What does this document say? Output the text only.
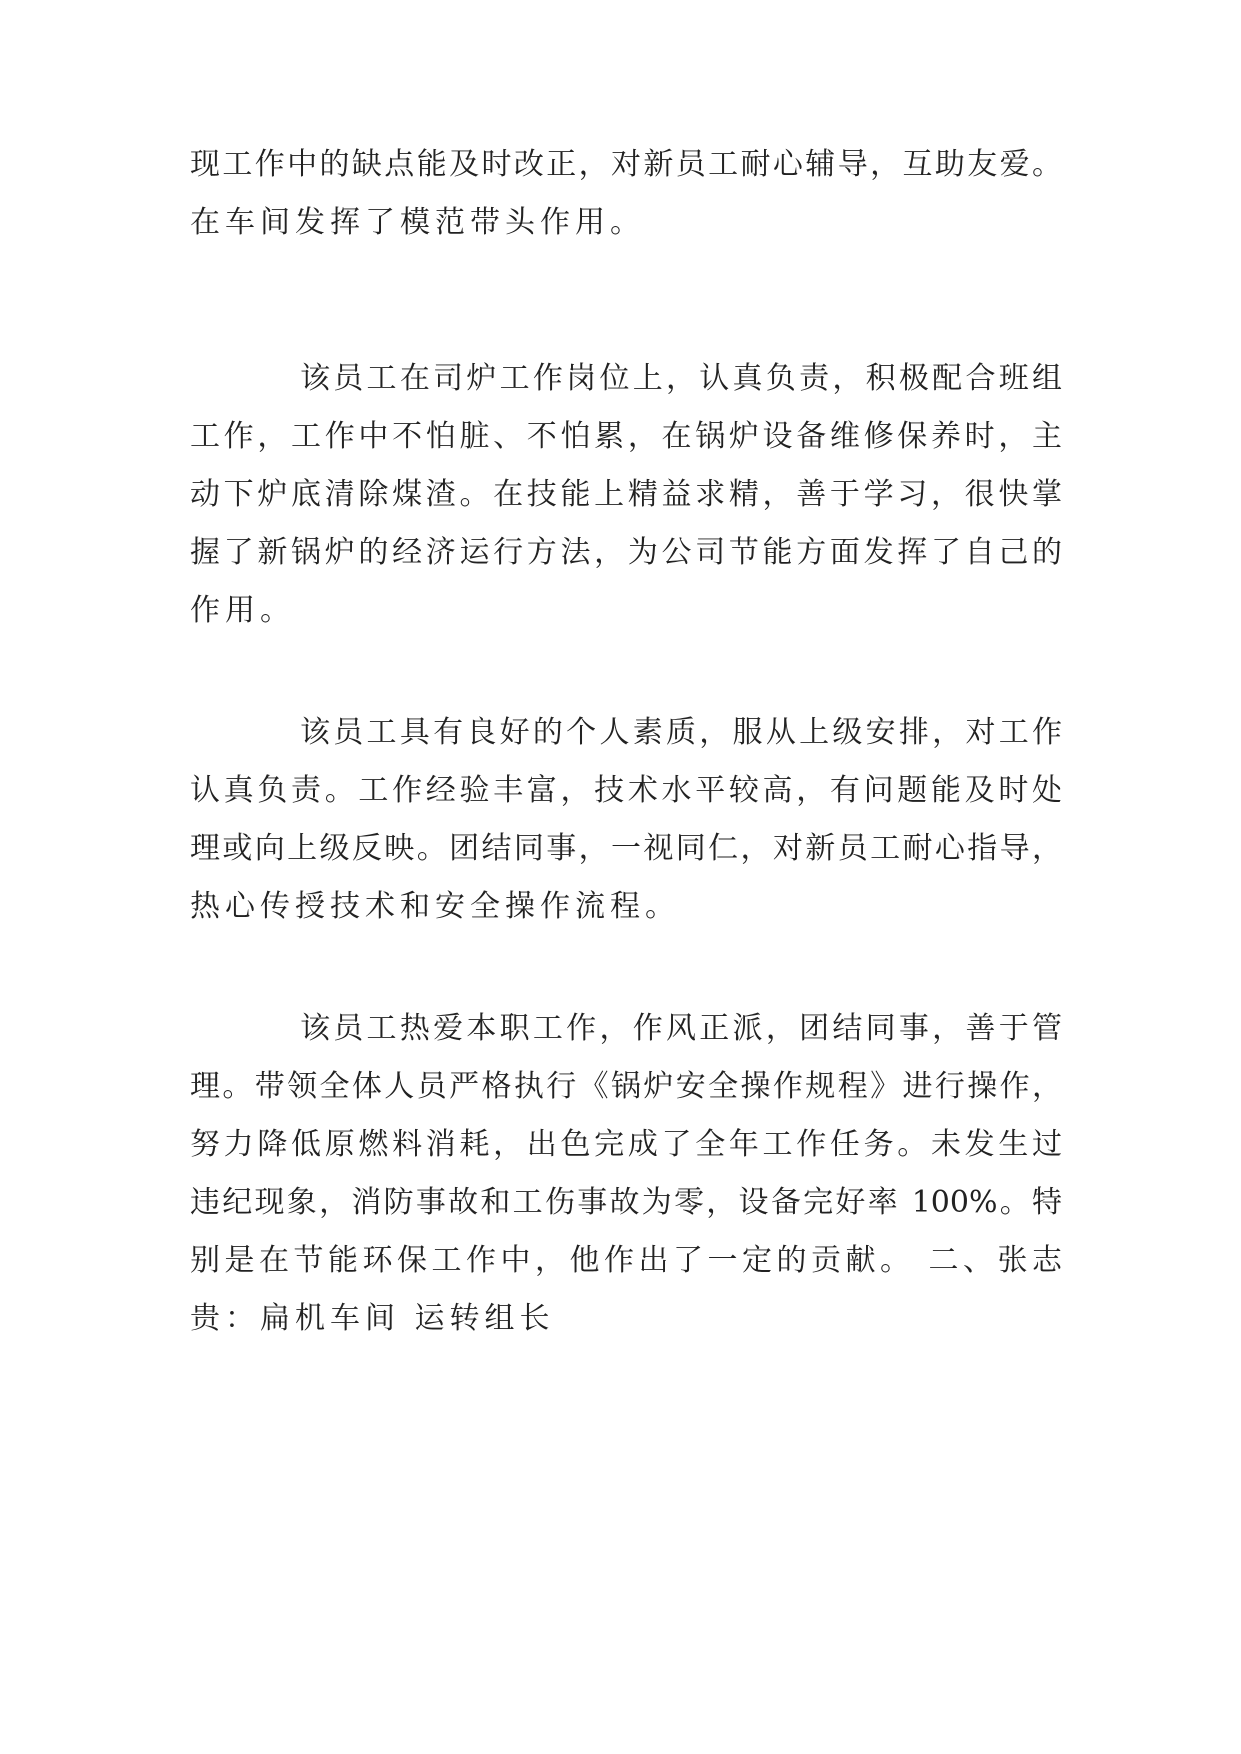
现工作中的缺点能及时改正，对新员工耐心辅导，互助友爱。
在车间发挥了模范带头作用。
该员工在司炉工作岗位上，认真负责，积极配合班组
工作，工作中不怕脏、不怕累，在锅炉设备维修保养时，主
动下炉底清除煤渣。在技能上精益求精，善于学习，很快掌
握了新锅炉的经济运行方法，为公司节能方面发挥了自己的
作用。
该员工具有良好的个人素质，服从上级安排，对工作
认真负责。工作经验丰富，技术水平较高，有问题能及时处
理或向上级反映。团结同事，一视同仁，对新员工耐心指导，
热心传授技术和安全操作流程。
该员工热爱本职工作，作风正派，团结同事，善于管
理。带领全体人员严格执行《锅炉安全操作规程》进行操作，
努力降低原燃料消耗，出色完成了全年工作任务。未发生过
违纪现象，消防事故和工伤事故为零，设备完好率 100%。特
别是在节能环保工作中，他作出了一定的贡献。 二、张志
贵：扁机车间 运转组长
